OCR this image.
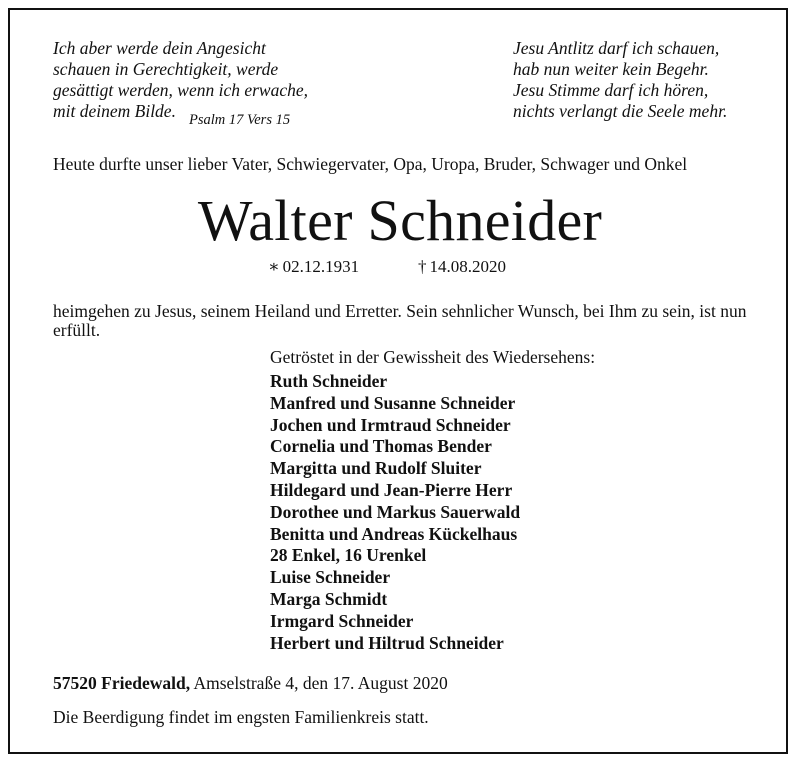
Ich aber werde dein Angesicht
schauen in Gerechtigkeit, werde
gesättigt werden, wenn ich erwache,
mit deinem Bilde. Psalm 17 Vers 15
Jesu Antlitz darf ich schauen,
hab nun weiter kein Begehr.
Jesu Stimme darf ich hören,
nichts verlangt die Seele mehr.
Heute durfte unser lieber Vater, Schwiegervater, Opa, Uropa, Bruder, Schwager und Onkel
Walter Schneider
∗ 02.12.1931	† 14.08.2020
heimgehen zu Jesus, seinem Heiland und Erretter. Sein sehnlicher Wunsch, bei Ihm zu sein, ist nun erfüllt.
Getröstet in der Gewissheit des Wiedersehens:
Ruth Schneider
Manfred und Susanne Schneider
Jochen und Irmtraud Schneider
Cornelia und Thomas Bender
Margitta und Rudolf Sluiter
Hildegard und Jean-Pierre Herr
Dorothee und Markus Sauerwald
Benitta und Andreas Kückelhaus
28 Enkel, 16 Urenkel
Luise Schneider
Marga Schmidt
Irmgard Schneider
Herbert und Hiltrud Schneider
57520 Friedewald, Amselstraße 4, den 17. August 2020
Die Beerdigung findet im engsten Familienkreis statt.
